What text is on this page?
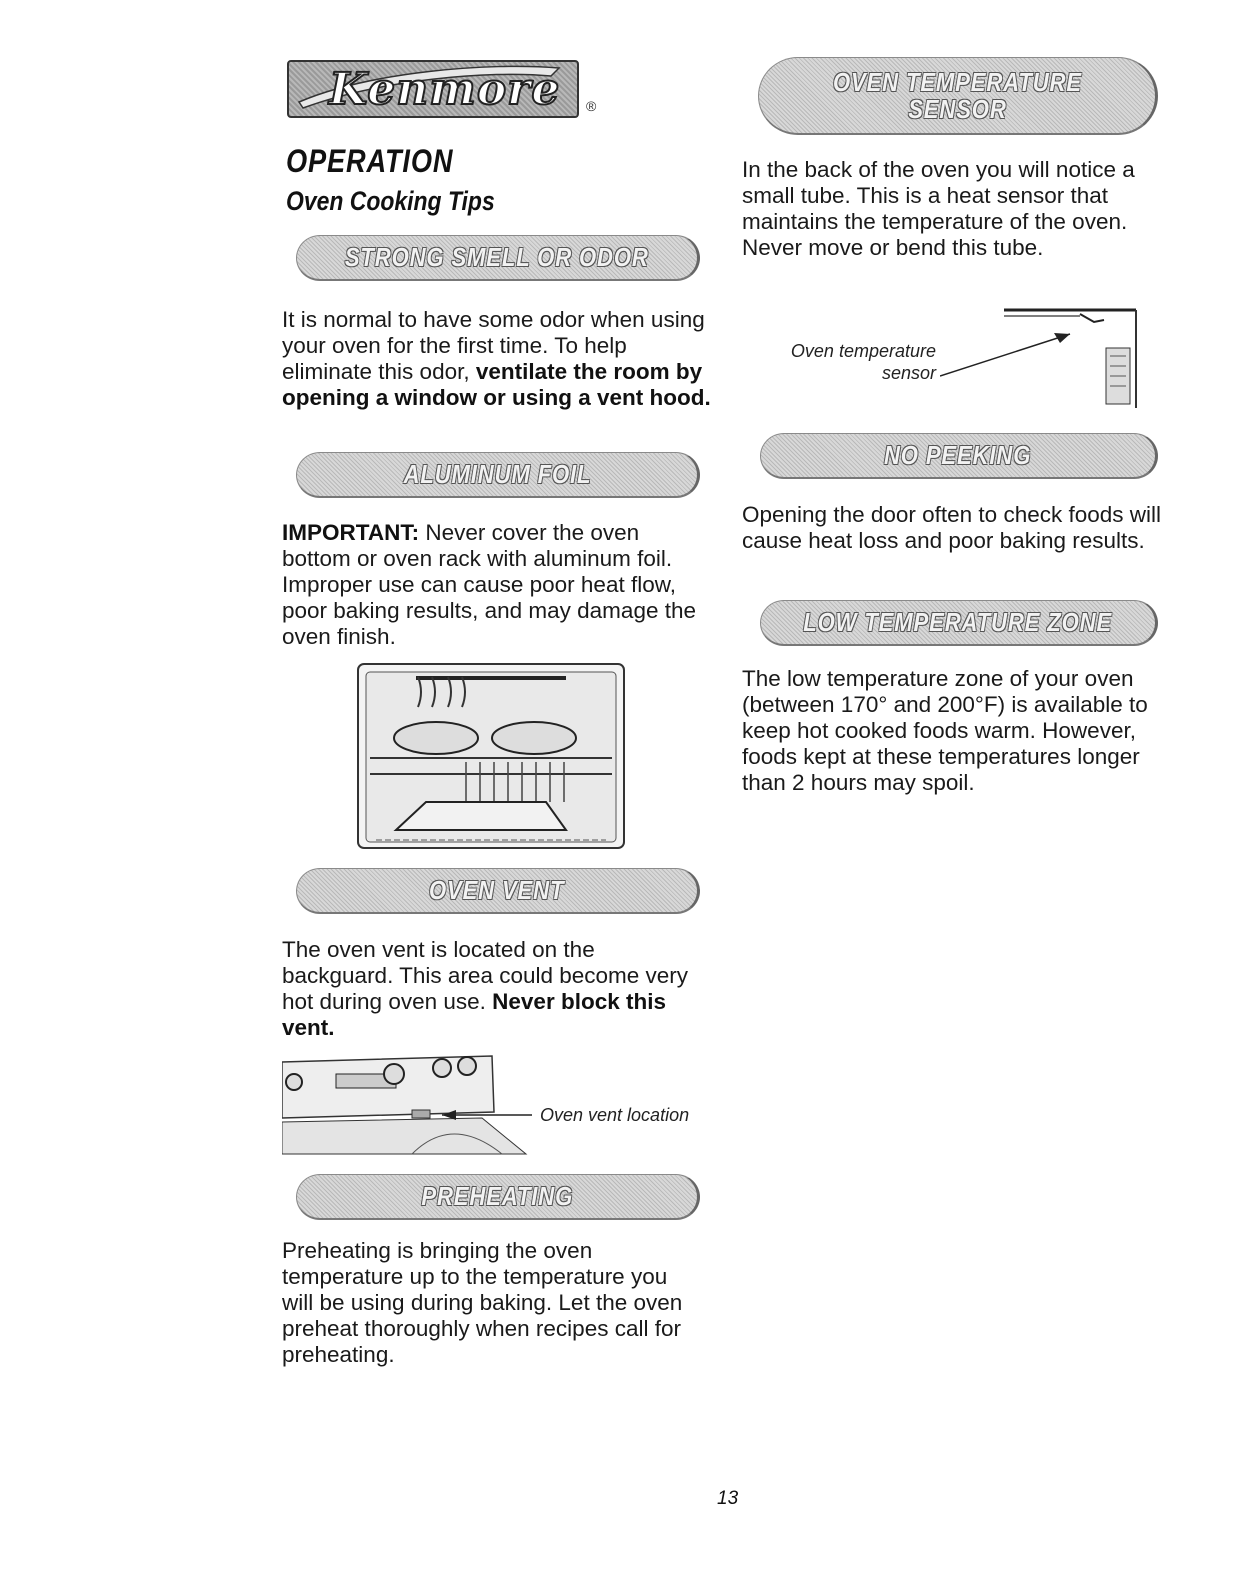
Kenmore ®
OPERATION
Oven Cooking Tips
STRONG SMELL OR ODOR
It is normal to have some odor when using your oven for the first time. To help eliminate this odor, ventilate the room by opening a window or using a vent hood.
ALUMINUM FOIL
IMPORTANT: Never cover the oven bottom or oven rack with aluminum foil. Improper use can cause poor heat flow, poor baking results, and may damage the oven finish.
OVEN VENT
The oven vent is located on the backguard. This area could become very hot during oven use. Never block this vent.
Oven vent location
PREHEATING
Preheating is bringing the oven temperature up to the temperature you will be using during baking. Let the oven preheat thoroughly when recipes call for preheating.
OVEN TEMPERATURE
SENSOR
In the back of the oven you will notice a small tube. This is a heat sensor that maintains the temperature of the oven. Never move or bend this tube.
Oven temperature
sensor
NO PEEKING
Opening the door often to check foods will cause heat loss and poor baking results.
LOW TEMPERATURE ZONE
The low temperature zone of your oven (between 170° and 200°F) is available to keep hot cooked foods warm. However, foods kept at these temperatures longer than 2 hours may spoil.
13
